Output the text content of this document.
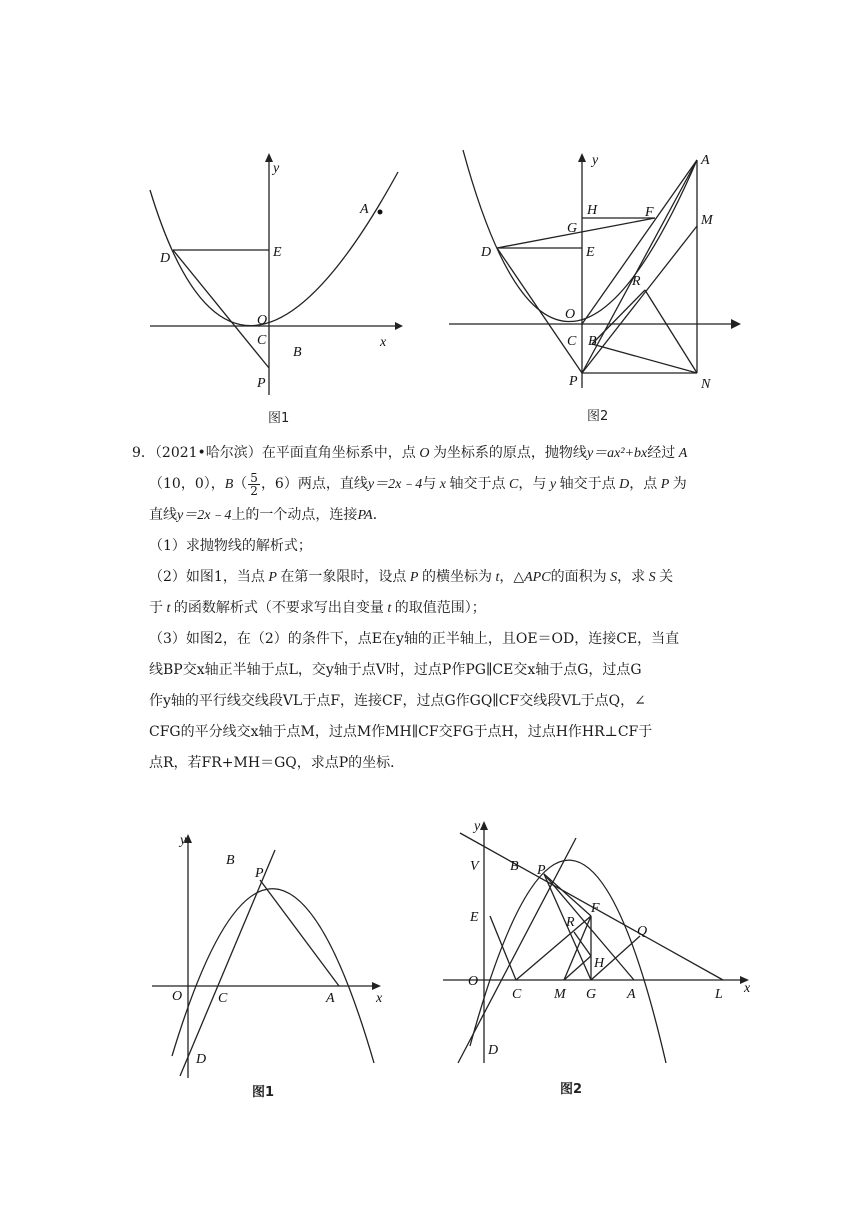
y
x
A
D	E
O
C
B
P
图1
y
H	F
G
E
D
A
M
R
O
C B
P	N
图2

9．（2021•哈尔滨）在平面直角坐标系中，点 O 为坐标系的原点，抛物线y＝ax²+bx经过 A

（10，0），$B( \frac{5}{2}$ ，6）两点，直线y＝2x﹣4与 x 轴交于点 C，与 y 轴交于点 D，点 P 为

直线y＝2x﹣4上的一个动点，连接PA．

（1）求抛物线的解析式；

（2）如图1，当点 P 在第一象限时，设点 P 的横坐标为 t，△APC的面积为 S，求 S 关

于 t 的函数解析式（不要求写出自变量 t 的取值范围）；

（3）如图2，在（2）的条件下，点E在y轴的正半轴上，且OE＝OD，连接CE，当直

线BP交x轴正半轴于点L，交y轴于点V时，过点P作PG∥CE交x轴于点G，过点G

作y轴的平行线交线段VL于点F，连接CF，过点G作GQ∥CF交线段VL于点Q，∠

CFG的平分线交x轴于点M，过点M作MH∥CF交FG于点H，过点H作HR⊥CF于

点R，若FR+MH＝GQ，求点P的坐标．

y
B
P
O	C	A	x
D
图1
y
V B
E
P
F
R
Q
H
O
C M G A	L x
D
图2
